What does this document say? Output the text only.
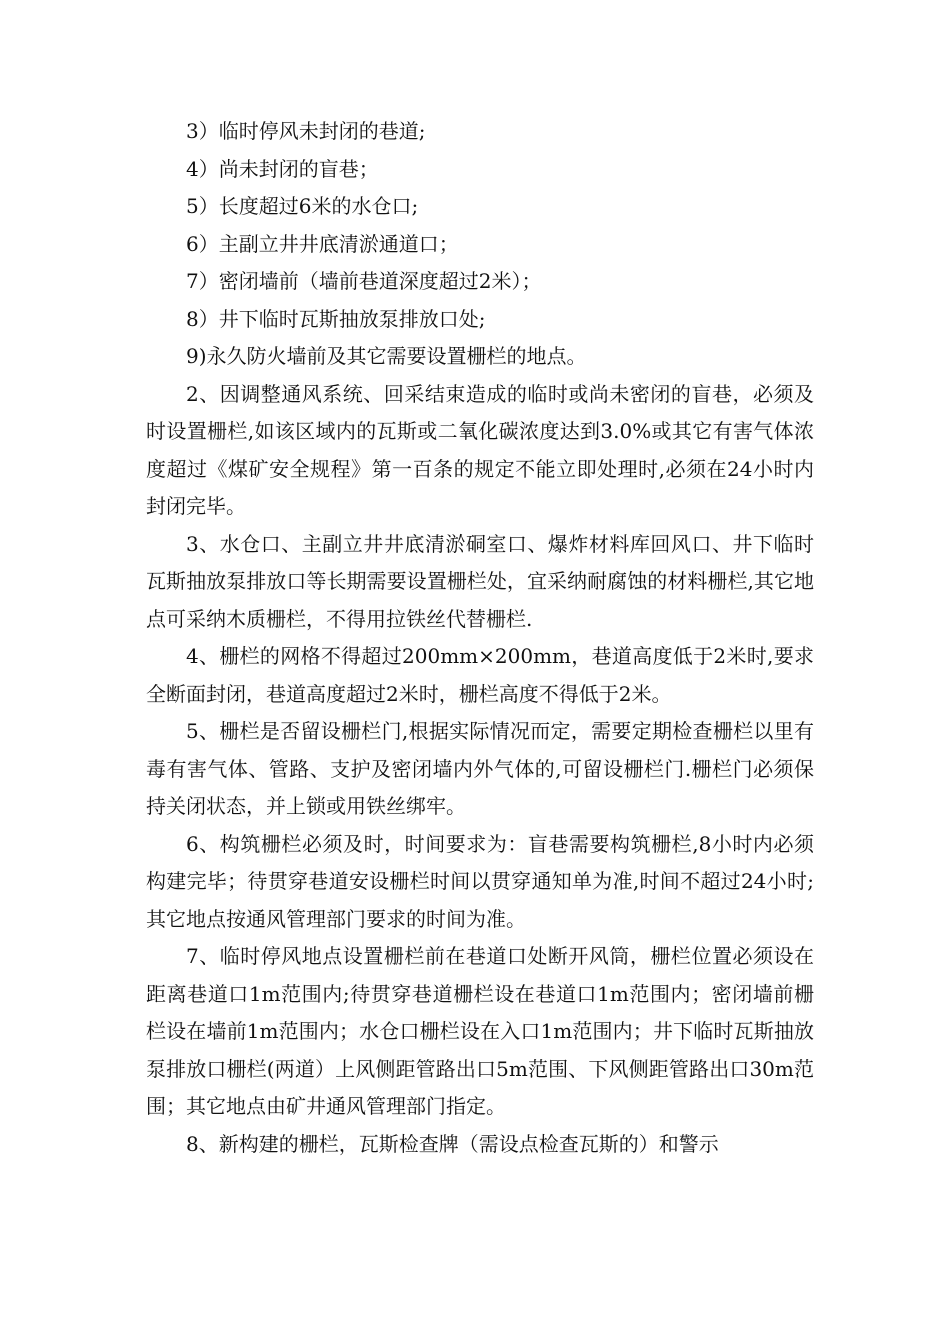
3）临时停风未封闭的巷道;

4）尚未封闭的盲巷；

5）长度超过6米的水仓口;

6）主副立井井底清淤通道口；

7）密闭墙前（墙前巷道深度超过2米）；

8）井下临时瓦斯抽放泵排放口处;

9)永久防火墙前及其它需要设置栅栏的地点。

2、因调整通风系统、回采结束造成的临时或尚未密闭的盲巷，必须及时设置栅栏,如该区域内的瓦斯或二氧化碳浓度达到3.0%或其它有害气体浓度超过《煤矿安全规程》第一百条的规定不能立即处理时,必须在24小时内封闭完毕。

3、水仓口、主副立井井底清淤硐室口、爆炸材料库回风口、井下临时瓦斯抽放泵排放口等长期需要设置栅栏处，宜采纳耐腐蚀的材料栅栏,其它地点可采纳木质栅栏，不得用拉铁丝代替栅栏.

4、栅栏的网格不得超过200mm×200mm，巷道高度低于2米时,要求全断面封闭，巷道高度超过2米时，栅栏高度不得低于2米。

5、栅栏是否留设栅栏门,根据实际情况而定，需要定期检查栅栏以里有毒有害气体、管路、支护及密闭墙内外气体的,可留设栅栏门.栅栏门必须保持关闭状态，并上锁或用铁丝绑牢。

6、构筑栅栏必须及时，时间要求为：盲巷需要构筑栅栏,8小时内必须构建完毕；待贯穿巷道安设栅栏时间以贯穿通知单为准,时间不超过24小时;其它地点按通风管理部门要求的时间为准。

7、临时停风地点设置栅栏前在巷道口处断开风筒，栅栏位置必须设在距离巷道口1m范围内;待贯穿巷道栅栏设在巷道口1m范围内；密闭墙前栅栏设在墙前1m范围内；水仓口栅栏设在入口1m范围内；井下临时瓦斯抽放泵排放口栅栏(两道）上风侧距管路出口5m范围、下风侧距管路出口30m范围；其它地点由矿井通风管理部门指定。

8、新构建的栅栏，瓦斯检查牌（需设点检查瓦斯的）和警示
